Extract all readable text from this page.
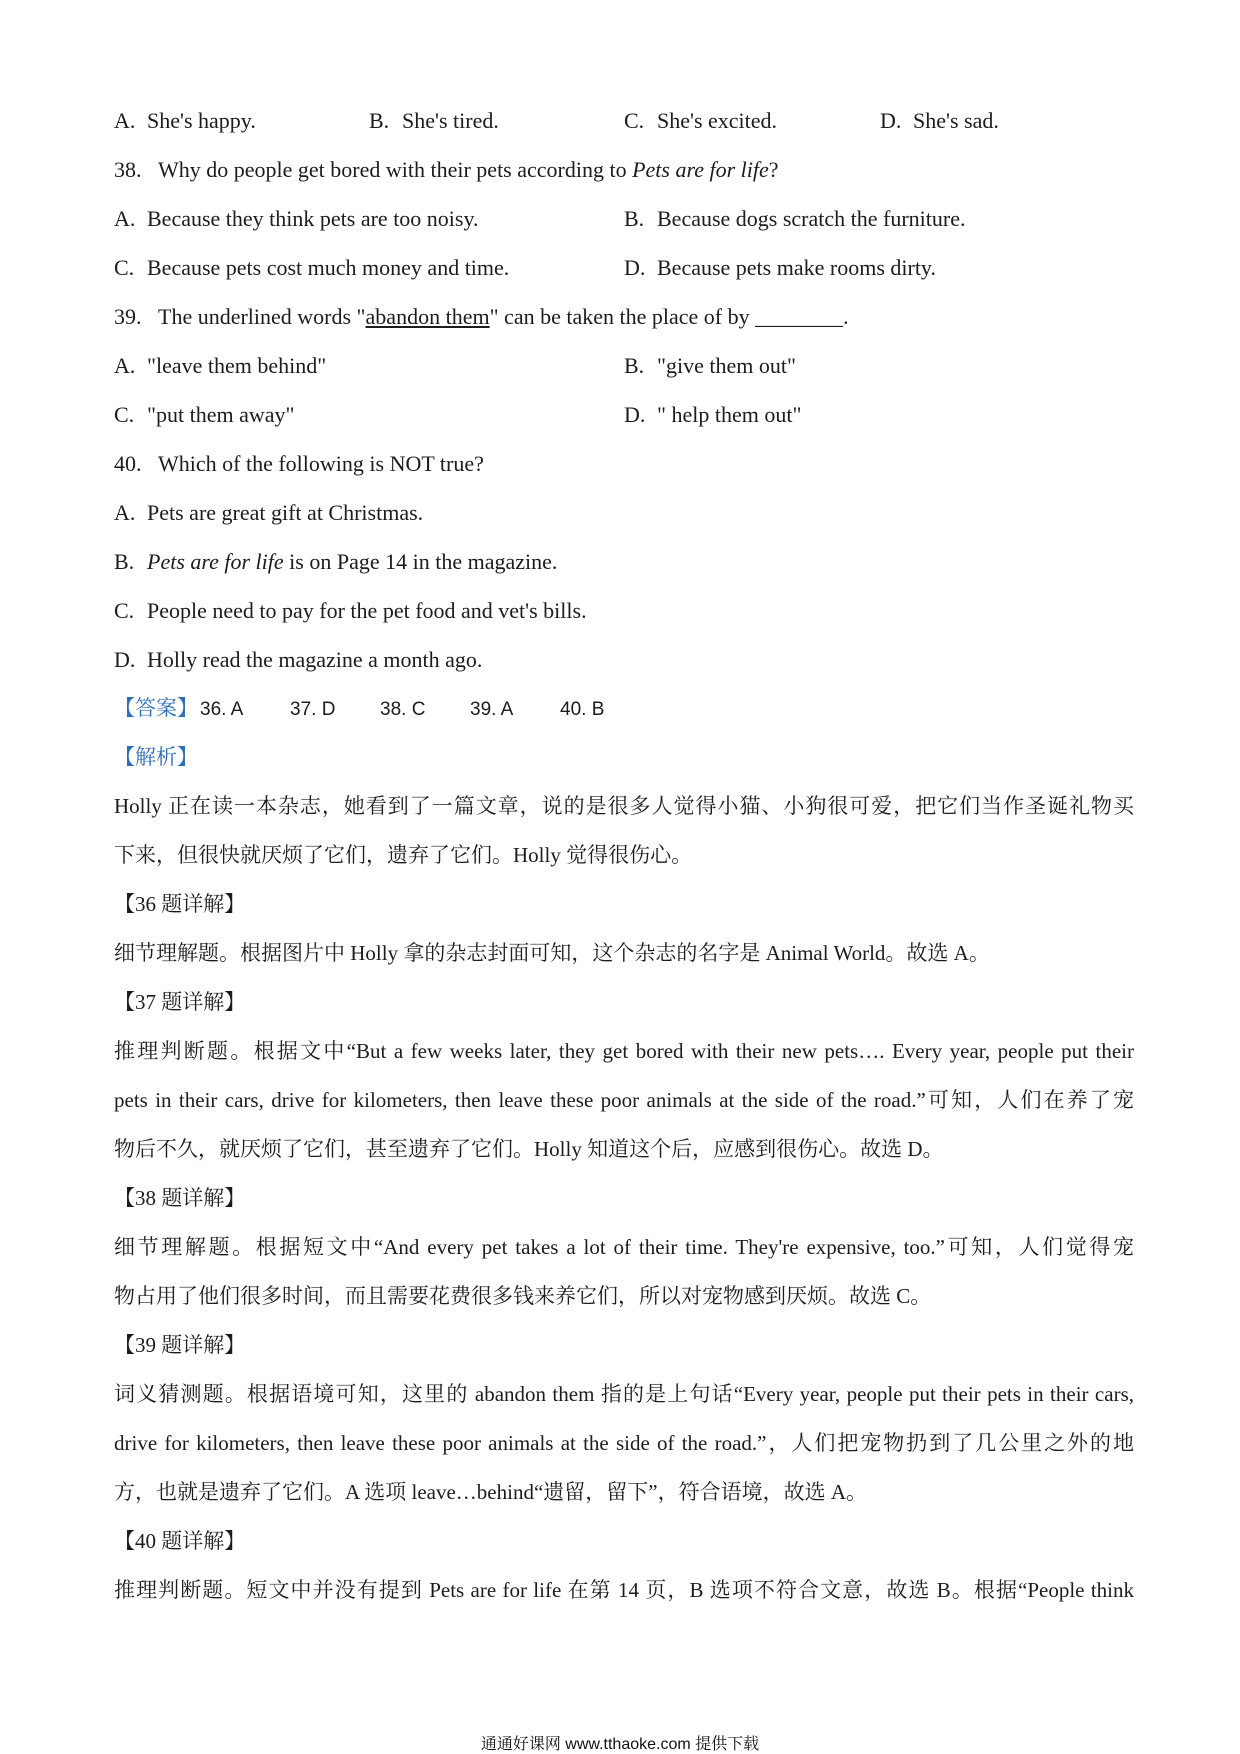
A. She's happy.	B. She's tired.	C. She's excited.	D. She's sad.
38. Why do people get bored with their pets according to Pets are for life?
A. Because they think pets are too noisy.	B. Because dogs scratch the furniture.
C. Because pets cost much money and time.	D. Because pets make rooms dirty.
39. The underlined words "abandon them" can be taken the place of by ________.
A. "leave them behind"	B. "give them out"
C. "put them away"	D. " help them out"
40. Which of the following is NOT true?
A. Pets are great gift at Christmas.
B. Pets are for life is on Page 14 in the magazine.
C. People need to pay for the pet food and vet's bills.
D. Holly read the magazine a month ago.
【答案】 36. A 37. D 38. C 39. A 40. B
【解析】
Holly 正在读一本杂志，她看到了一篇文章，说的是很多人觉得小猫、小狗很可爱，把它们当作圣诞礼物买
下来，但很快就厌烦了它们，遗弃了它们。Holly 觉得很伤心。
【36 题详解】
细节理解题。根据图片中 Holly 拿的杂志封面可知，这个杂志的名字是 Animal World。故选 A。
【37 题详解】
推理判断题。根据文中“But a few weeks later, they get bored with their new pets…. Every year, people put their
pets in their cars, drive for kilometers, then leave these poor animals at the side of the road.”可知，人们在养了宠
物后不久，就厌烦了它们，甚至遗弃了它们。Holly 知道这个后，应感到很伤心。故选 D。
【38 题详解】
细节理解题。根据短文中“And every pet takes a lot of their time. They're expensive, too.”可知，人们觉得宠
物占用了他们很多时间，而且需要花费很多钱来养它们，所以对宠物感到厌烦。故选 C。
【39 题详解】
词义猜测题。根据语境可知，这里的 abandon them 指的是上句话“Every year, people put their pets in their cars,
drive for kilometers, then leave these poor animals at the side of the road.”，人们把宠物扔到了几公里之外的地
方，也就是遗弃了它们。A 选项 leave…behind“遗留，留下”，符合语境，故选 A。
【40 题详解】
推理判断题。短文中并没有提到 Pets are for life 在第 14 页，B 选项不符合文意，故选 B。根据“People think
通通好课网 www.tthaoke.com 提供下载
